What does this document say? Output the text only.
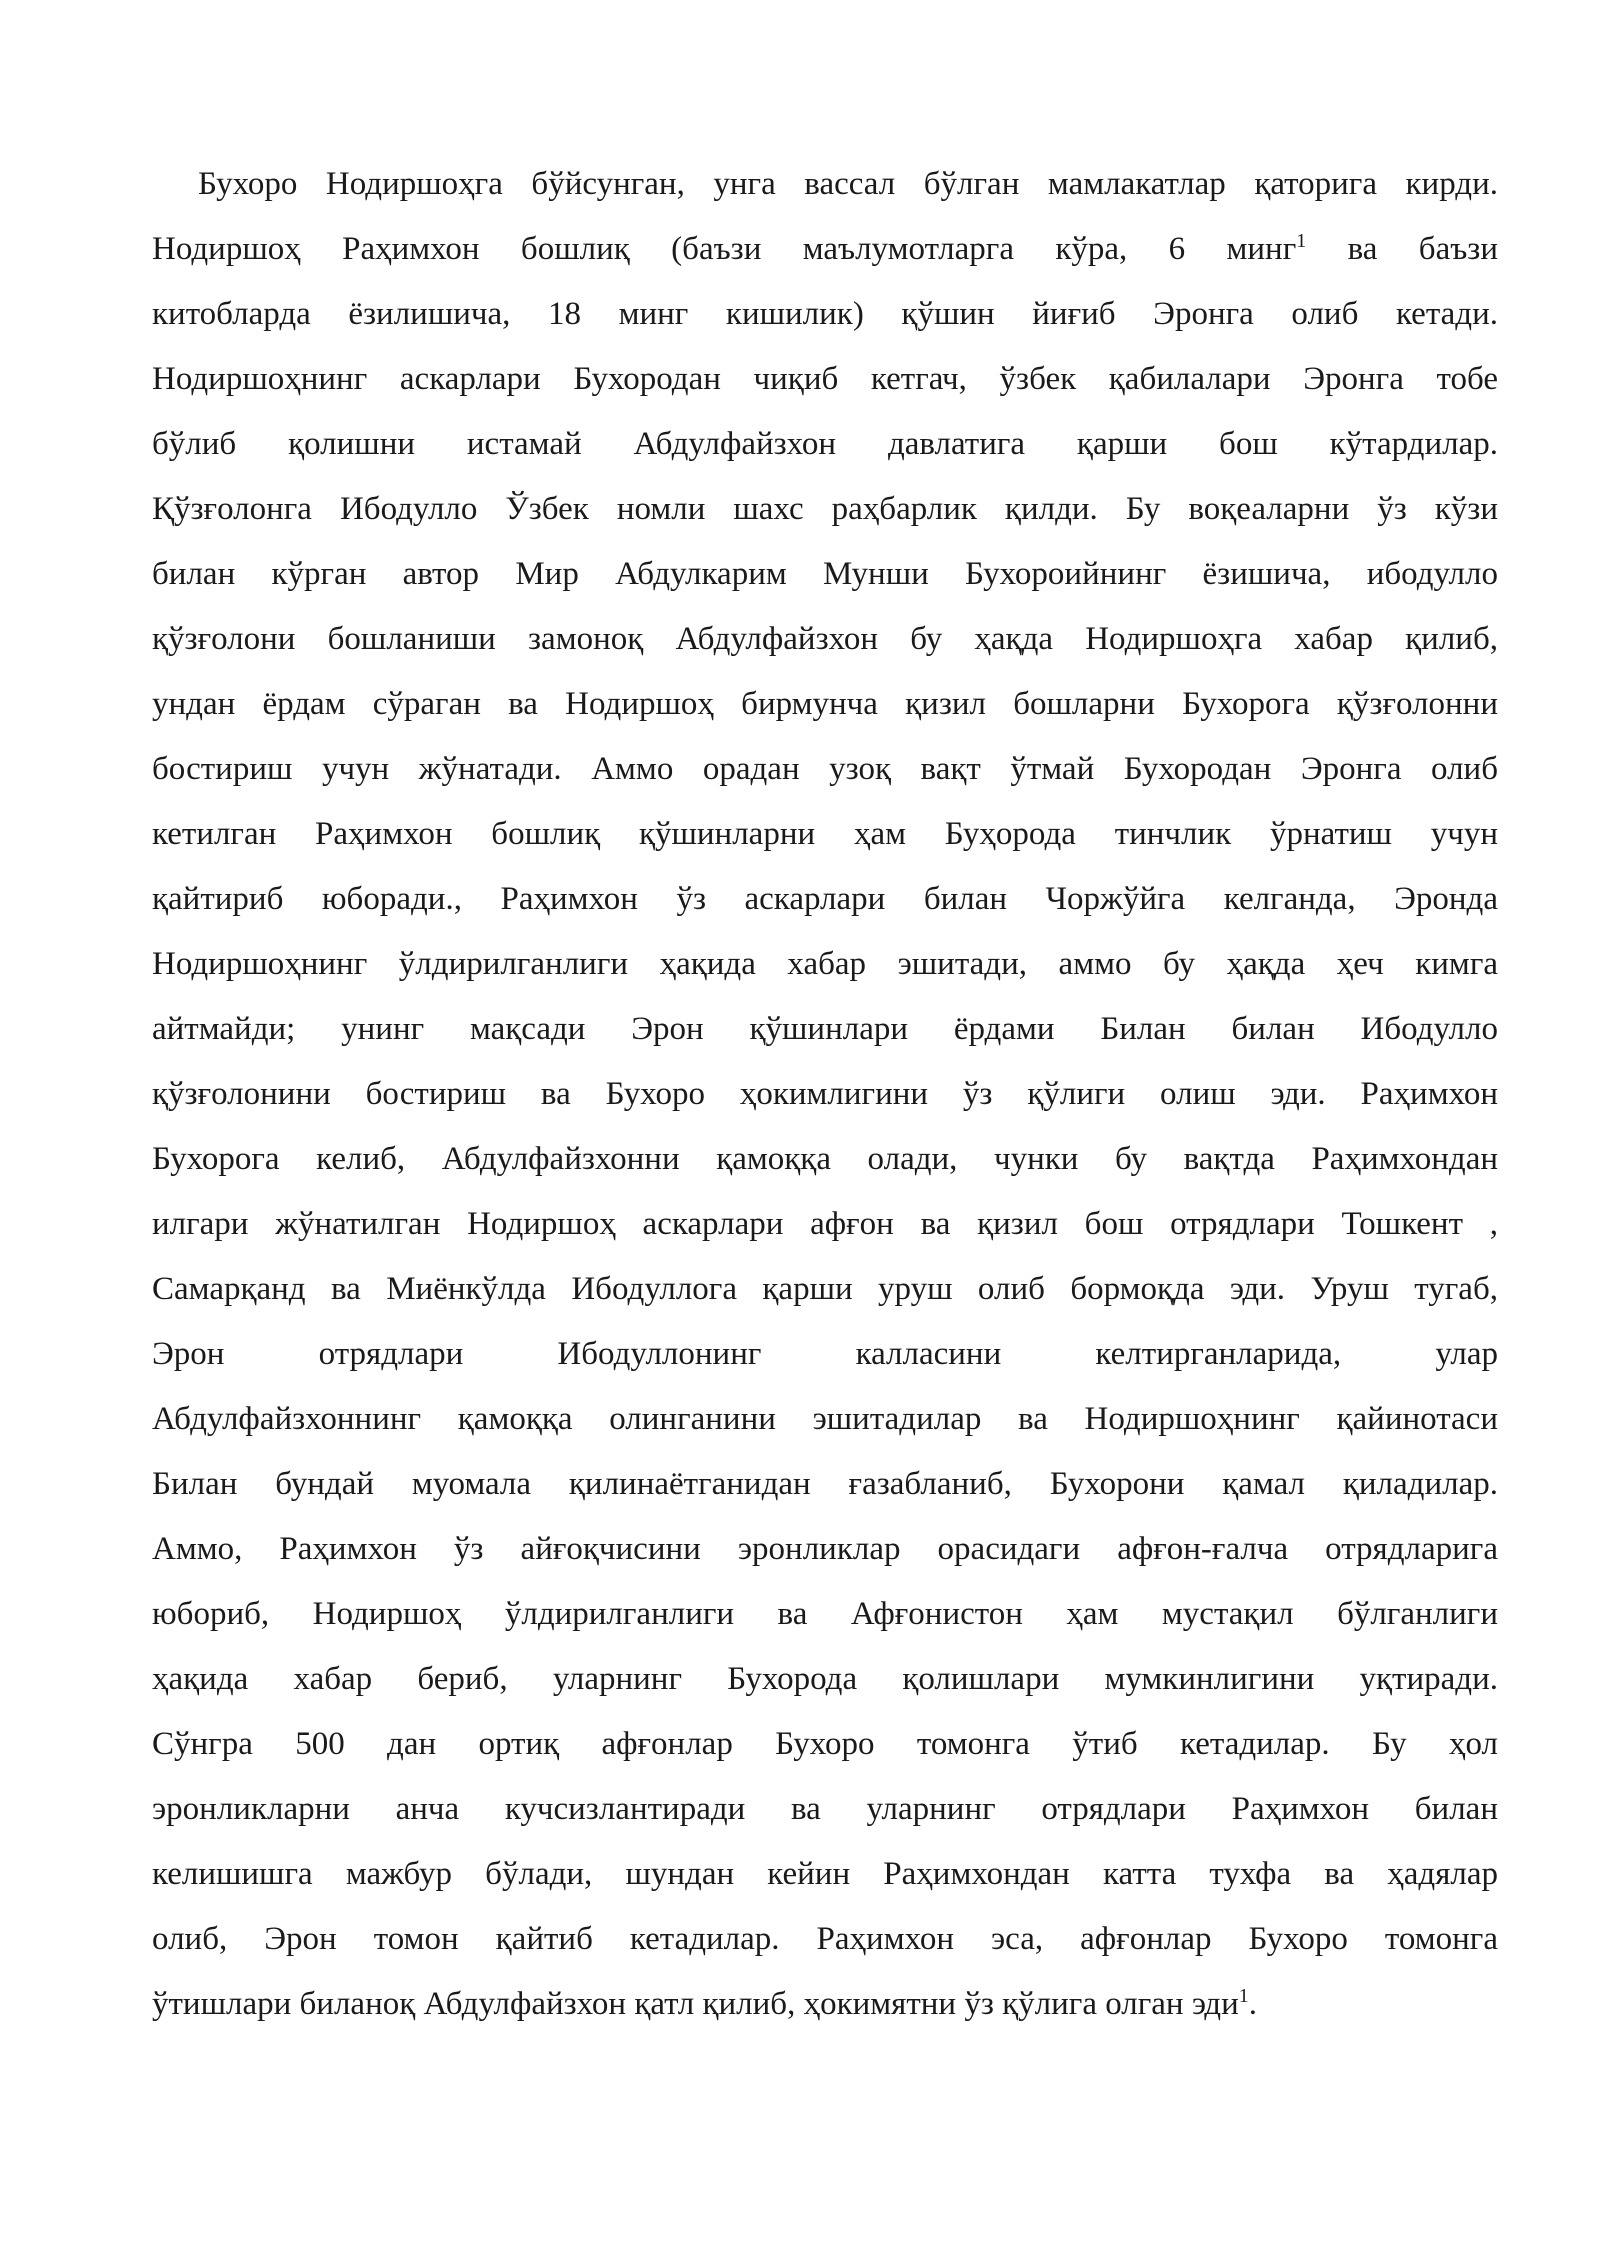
Бухоро Нодиршоҳга бўйсунган, унга вассал бўлган мамлакатлар қаторига кирди.
Нодиршоҳ Раҳимхон бошлиқ (баъзи маълумотларга кўра, 6 минг$^1$ ва баъзи
китобларда ёзилишича, 18 минг кишилик) қўшин йиғиб Эронга олиб кетади.
Нодиршоҳнинг аскарлари Бухородан чиқиб кетгач, ўзбек қабилалари Эронга тобе
бўлиб қолишни истамай Абдулфайзхон давлатига қарши бош кўтардилар.
Қўзғолонга Ибодулло Ўзбек номли шахс раҳбарлик қилди. Бу воқеаларни ўз кўзи
билан кўрган автор Мир Абдулкарим Мунши Бухороийнинг ёзишича, ибодулло
қўзғолони бошланиши замоноқ Абдулфайзхон бу ҳақда Нодиршоҳга хабар қилиб,
ундан ёрдам сўраган ва Нодиршоҳ бирмунча қизил бошларни Бухорога қўзғолонни
бостириш учун жўнатади. Аммо орадан узоқ вақт ўтмай Бухородан Эронга олиб
кетилган Раҳимхон бошлиқ қўшинларни ҳам Буҳорода тинчлик ўрнатиш учун
қайтириб юборади., Раҳимхон ўз аскарлари билан Чоржўйга келганда, Эронда
Нодиршоҳнинг ўлдирилганлиги ҳақида хабар эшитади, аммо бу ҳақда ҳеч кимга
айтмайди; унинг мақсади Эрон қўшинлари ёрдами Билан билан Ибодулло
қўзғолонини бостириш ва Бухоро ҳокимлигини ўз қўлиги олиш эди. Раҳимхон
Бухорога келиб, Абдулфайзхонни қамоққа олади, чунки бу вақтда Раҳимхондан
илгари жўнатилган Нодиршоҳ аскарлари афғон ва қизил бош отрядлари Тошкент ,
Самарқанд ва Миёнкўлда Ибодуллога қарши уруш олиб бормоқда эди. Уруш тугаб,
Эрон отрядлари Ибодуллонинг калласини келтирганларида, улар
Абдулфайзхоннинг қамоққа олинганини эшитадилар ва Нодиршоҳнинг қайинотаси
Билан бундай муомала қилинаётганидан ғазабланиб, Бухорони қамал қиладилар.
Аммо, Раҳимхон ўз айғоқчисини эронликлар орасидаги афғон-ғалча отрядларига
юбориб, Нодиршоҳ ўлдирилганлиги ва Афғонистон ҳам мустақил бўлганлиги
ҳақида хабар бериб, уларнинг Бухорода қолишлари мумкинлигини уқтиради.
Сўнгра 500 дан ортиқ афғонлар Бухоро томонга ўтиб кетадилар. Бу ҳол
эронликларни анча кучсизлантиради ва уларнинг отрядлари Раҳимхон билан
келишишга мажбур бўлади, шундан кейин Раҳимхондан катта тухфа ва ҳадялар
олиб, Эрон томон қайтиб кетадилар. Раҳимхон эса, афғонлар Бухоро томонга
ўтишлари биланоқ Абдулфайзхон қатл қилиб, ҳокимятни ўз қўлига олган эди$^1$.
